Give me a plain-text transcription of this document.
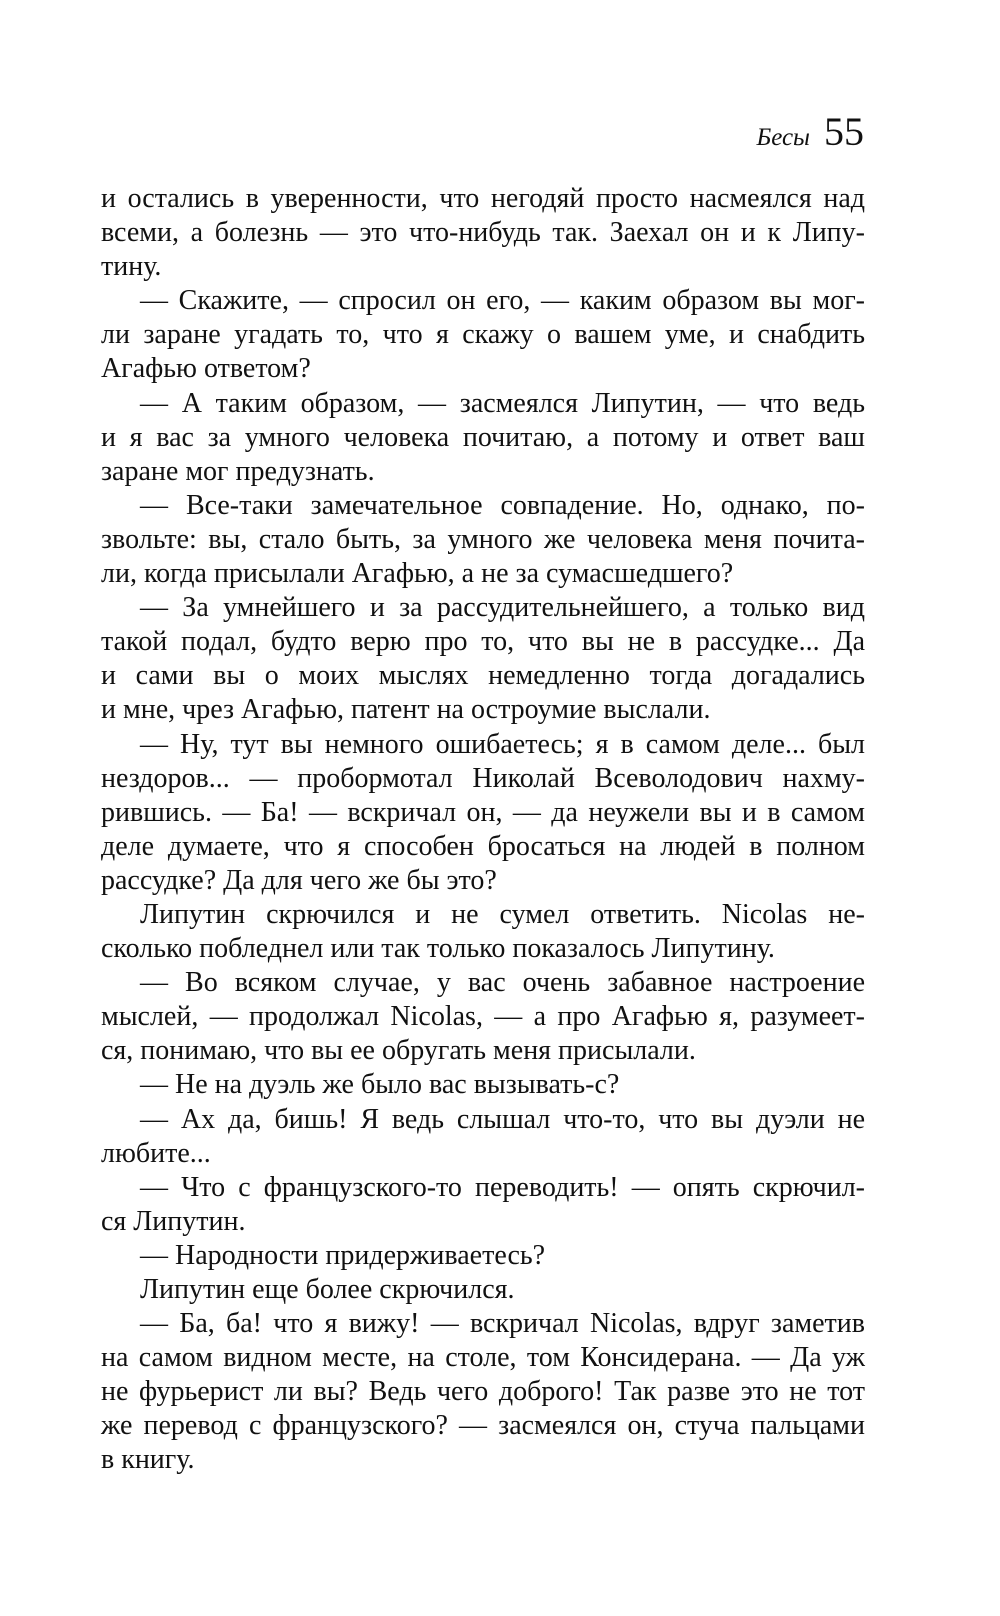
Бесы 55
и остались в уверенности, что негодяй просто насмеялся над
всеми, а болезнь — это что-нибудь так. Заехал он и к Липу-
тину.
— Скажите, — спросил он его, — каким образом вы мог-
ли заране угадать то, что я скажу о вашем уме, и снабдить
Агафью ответом?
— А таким образом, — засмеялся Липутин, — что ведь
и я вас за умного человека почитаю, а потому и ответ ваш
заране мог предузнать.
— Все-таки замечательное совпадение. Но, однако, по-
звольте: вы, стало быть, за умного же человека меня почита-
ли, когда присылали Агафью, а не за сумасшедшего?
— За умнейшего и за рассудительнейшего, а только вид
такой подал, будто верю про то, что вы не в рассудке... Да
и сами вы о моих мыслях немедленно тогда догадались
и мне, чрез Агафью, патент на остроумие выслали.
— Ну, тут вы немного ошибаетесь; я в самом деле... был
нездоров... — пробормотал Николай Всеволодович нахму-
рившись. — Ба! — вскричал он, — да неужели вы и в самом
деле думаете, что я способен бросаться на людей в полном
рассудке? Да для чего же бы это?
Липутин скрючился и не сумел ответить. Nicolas не-
сколько побледнел или так только показалось Липутину.
— Во всяком случае, у вас очень забавное настроение
мыслей, — продолжал Nicolas, — а про Агафью я, разумеет-
ся, понимаю, что вы ее обругать меня присылали.
— Не на дуэль же было вас вызывать-с?
— Ах да, бишь! Я ведь слышал что-то, что вы дуэли не
любите...
— Что с французского-то переводить! — опять скрючил-
ся Липутин.
— Народности придерживаетесь?
Липутин еще более скрючился.
— Ба, ба! что я вижу! — вскричал Nicolas, вдруг заметив
на самом видном месте, на столе, том Консидерана. — Да уж
не фурьерист ли вы? Ведь чего доброго! Так разве это не тот
же перевод с французского? — засмеялся он, стуча пальцами
в книгу.
